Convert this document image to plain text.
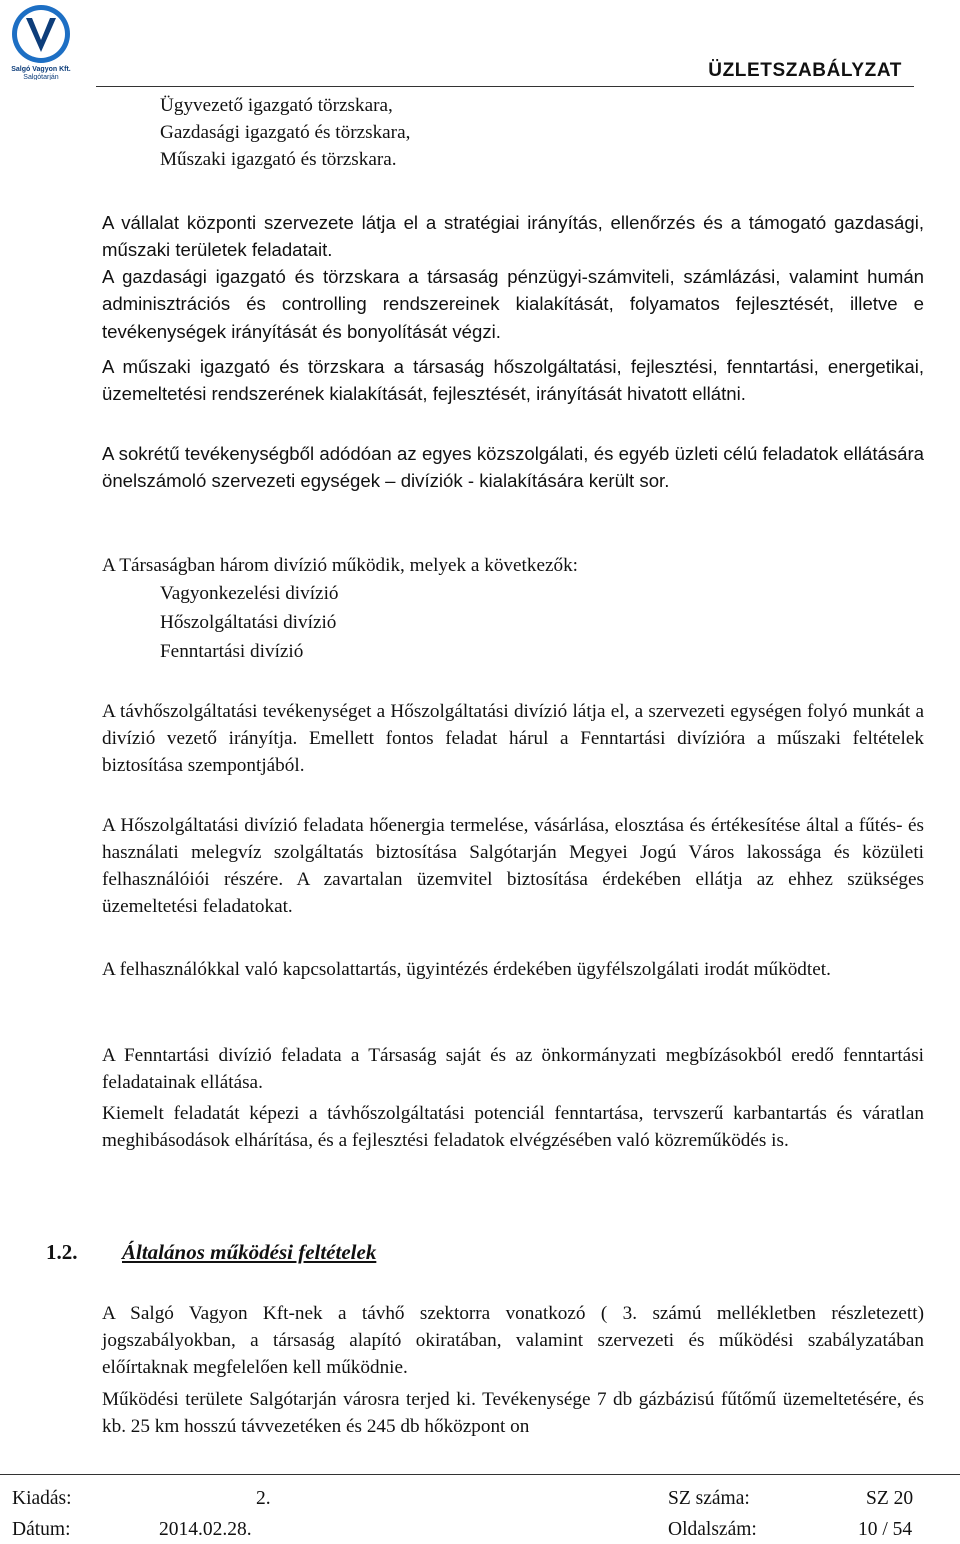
Salgó Vagyon Kft.
Salgótarján	ÜZLETSZABÁLYZAT

Ügyvezető igazgató törzskara,
Gazdasági igazgató és törzskara,
Műszaki igazgató és törzskara.

A vállalat központi szervezete látja el a stratégiai irányítás, ellenőrzés és a támogató gazdasági, műszaki területek feladatait.

A gazdasági igazgató és törzskara a társaság pénzügyi-számviteli, számlázási, valamint humán adminisztrációs és controlling rendszereinek kialakítását, folyamatos fejlesztését, illetve e tevékenységek irányítását és bonyolítását végzi.

A műszaki igazgató és törzskara a társaság hőszolgáltatási, fejlesztési, fenntartási, energetikai, üzemeltetési rendszerének kialakítását, fejlesztését, irányítását hivatott ellátni.

A sokrétű tevékenységből adódóan az egyes közszolgálati, és egyéb üzleti célú feladatok ellátására önelszámoló szervezeti egységek – divíziók - kialakítására került sor.

A Társaságban három divízió működik, melyek a következők:

Vagyonkezelési divízió

Hőszolgáltatási divízió

Fenntartási divízió

A távhőszolgáltatási tevékenységet a Hőszolgáltatási divízió látja el, a szervezeti egységen folyó munkát a divízió vezető irányítja. Emellett fontos feladat hárul a Fenntartási divízióra a műszaki feltételek biztosítása szempontjából.

A Hőszolgáltatási divízió feladata hőenergia termelése, vásárlása, elosztása és értékesítése által a fűtés- és használati melegvíz szolgáltatás biztosítása Salgótarján Megyei Jogú Város lakossága és közületi felhasználóiói részére. A zavartalan üzemvitel biztosítása érdekében ellátja az ehhez szükséges üzemeltetési feladatokat.

A felhasználókkal való kapcsolattartás, ügyintézés érdekében ügyfélszolgálati irodát működtet.

A Fenntartási divízió feladata a Társaság saját és az önkormányzati megbízásokból eredő fenntartási feladatainak ellátása.

Kiemelt feladatát képezi a távhőszolgáltatási potenciál fenntartása, tervszerű karbantartás és váratlan meghibásodások elhárítása, és a fejlesztési feladatok elvégzésében való közreműködés is.

1.2. Általános működési feltételek

A Salgó Vagyon Kft-nek a távhő szektorra vonatkozó ( 3. számú mellékletben részletezett) jogszabályokban, a társaság alapító okiratában, valamint szervezeti és működési szabályzatában előírtaknak megfelelően kell működnie.

Működési területe Salgótarján városra terjed ki. Tevékenysége 7 db gázbázisú fűtőmű üzemeltetésére, és kb. 25 km hosszú távvezetéken és 245 db hőközpont on

Kiadás:	2.	SZ száma:	SZ 20
Dátum:	2014.02.28.	Oldalszám:	10 / 54
